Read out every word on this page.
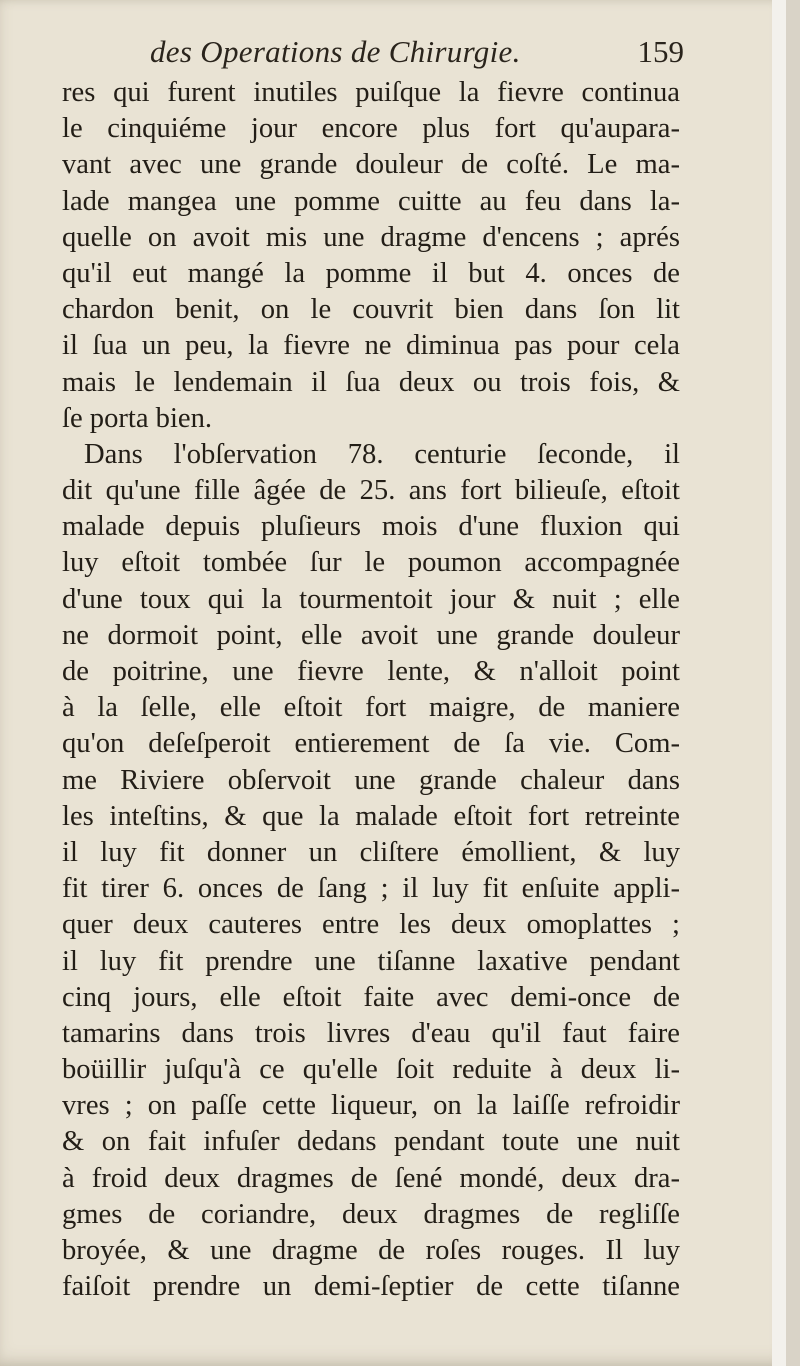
des Operations de Chirurgie.	159
res qui furent inutiles puiſque la fievre continua
le cinquiéme jour encore plus fort qu'aupara-
vant avec une grande douleur de coſté. Le ma-
lade mangea une pomme cuitte au feu dans la-
quelle on avoit mis une dragme d'encens ; aprés
qu'il eut mangé la pomme il but 4. onces de
chardon benit, on le couvrit bien dans ſon lit
il ſua un peu, la fievre ne diminua pas pour cela
mais le lendemain il ſua deux ou trois fois, &
ſe porta bien.
Dans l'obſervation 78. centurie ſeconde, il
dit qu'une fille âgée de 25. ans fort bilieuſe, eſtoit
malade depuis pluſieurs mois d'une fluxion qui
luy eſtoit tombée ſur le poumon accompagnée
d'une toux qui la tourmentoit jour & nuit ; elle
ne dormoit point, elle avoit une grande douleur
de poitrine, une fievre lente, & n'alloit point
à la ſelle, elle eſtoit fort maigre, de maniere
qu'on deſeſperoit entierement de ſa vie. Com-
me Riviere obſervoit une grande chaleur dans
les inteſtins, & que la malade eſtoit fort retreinte
il luy fit donner un cliſtere émollient, & luy
fit tirer 6. onces de ſang ; il luy fit enſuite appli-
quer deux cauteres entre les deux omoplattes ;
il luy fit prendre une tiſanne laxative pendant
cinq jours, elle eſtoit faite avec demi-once de
tamarins dans trois livres d'eau qu'il faut faire
boüillir juſqu'à ce qu'elle ſoit reduite à deux li-
vres ; on paſſe cette liqueur, on la laiſſe refroidir
& on fait infuſer dedans pendant toute une nuit
à froid deux dragmes de ſené mondé, deux dra-
gmes de coriandre, deux dragmes de regliſſe
broyée, & une dragme de roſes rouges. Il luy
faiſoit prendre un demi-ſeptier de cette tiſanne
